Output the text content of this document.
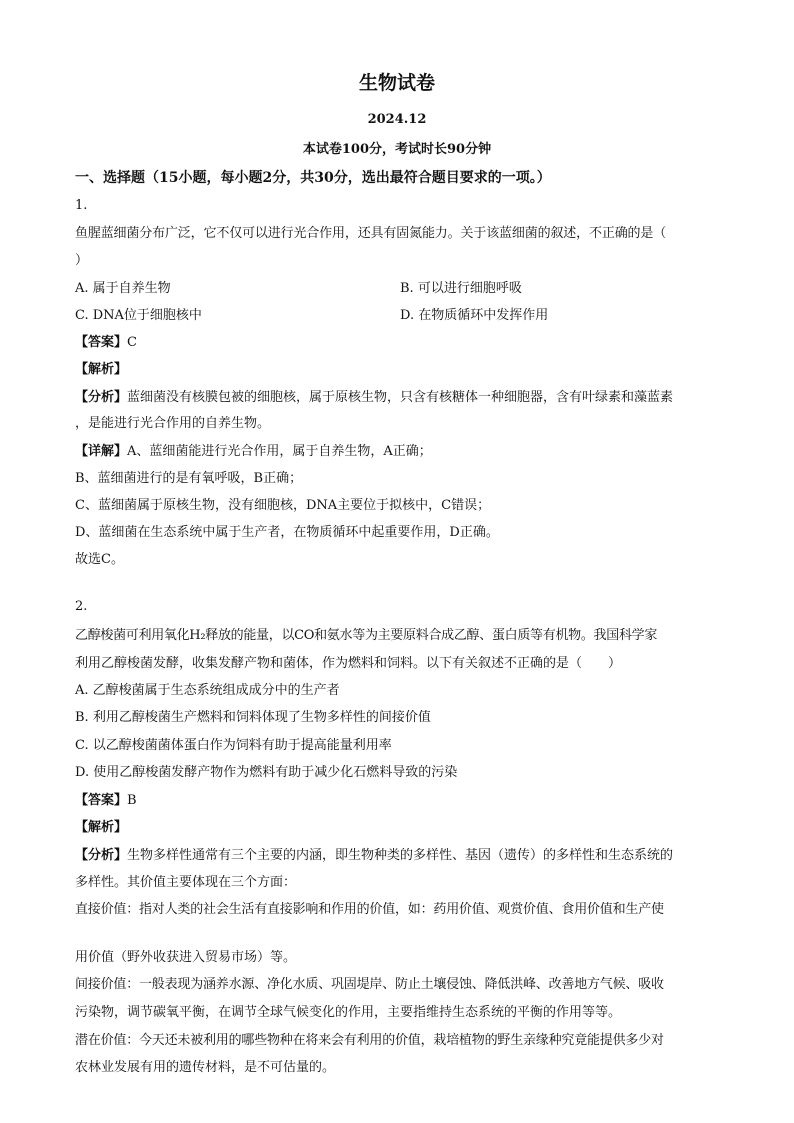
生物试卷
2024.12
本试卷100分，考试时长90分钟
一、选择题（15小题，每小题2分，共30分，选出最符合题目要求的一项。）
1.
鱼腥蓝细菌分布广泛，它不仅可以进行光合作用，还具有固氮能力。关于该蓝细菌的叙述，不正确的是（
）
A. 属于自养生物	B. 可以进行细胞呼吸
C. DNA位于细胞核中	D. 在物质循环中发挥作用
【答案】C
【解析】
【分析】蓝细菌没有核膜包被的细胞核，属于原核生物，只含有核糖体一种细胞器，含有叶绿素和藻蓝素
，是能进行光合作用的自养生物。
【详解】A、蓝细菌能进行光合作用，属于自养生物，A正确；
B、蓝细菌进行的是有氧呼吸，B正确；
C、蓝细菌属于原核生物，没有细胞核，DNA主要位于拟核中，C错误；
D、蓝细菌在生态系统中属于生产者，在物质循环中起重要作用，D正确。
故选C。
2.
乙醇梭菌可利用氧化H₂释放的能量，以CO和氨水等为主要原料合成乙醇、蛋白质等有机物。我国科学家
利用乙醇梭菌发酵，收集发酵产物和菌体，作为燃料和饲料。以下有关叙述不正确的是（　　）
A. 乙醇梭菌属于生态系统组成成分中的生产者
B. 利用乙醇梭菌生产燃料和饲料体现了生物多样性的间接价值
C. 以乙醇梭菌菌体蛋白作为饲料有助于提高能量利用率
D. 使用乙醇梭菌发酵产物作为燃料有助于减少化石燃料导致的污染
【答案】B
【解析】
【分析】生物多样性通常有三个主要的内涵，即生物种类的多样性、基因（遗传）的多样性和生态系统的
多样性。其价值主要体现在三个方面：
直接价值：指对人类的社会生活有直接影响和作用的价值，如：药用价值、观赏价值、食用价值和生产使
用价值（野外收获进入贸易市场）等。
间接价值：一般表现为涵养水源、净化水质、巩固堤岸、防止土壤侵蚀、降低洪峰、改善地方气候、吸收
污染物，调节碳氧平衡，在调节全球气候变化的作用，主要指维持生态系统的平衡的作用等等。
潜在价值：今天还未被利用的哪些物种在将来会有利用的价值，栽培植物的野生亲缘种究竟能提供多少对
农林业发展有用的遗传材料，是不可估量的。
